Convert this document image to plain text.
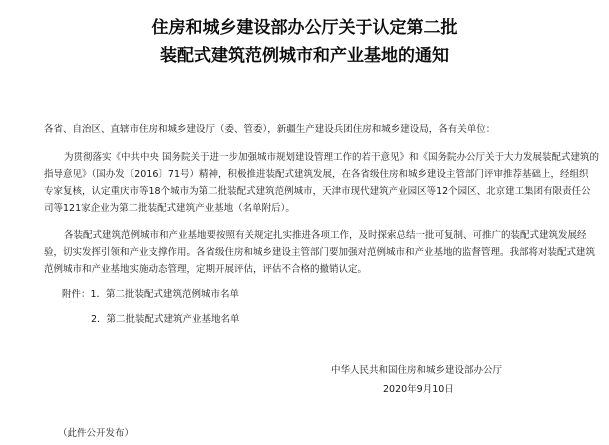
住房和城乡建设部办公厅关于认定第二批
装配式建筑范例城市和产业基地的通知
各省、自治区、直辖市住房和城乡建设厅（委、管委），新疆生产建设兵团住房和城乡建设局，各有关单位：
为贯彻落实《中共中央 国务院关于进一步加强城市规划建设管理工作的若干意见》和《国务院办公厅关于大力发展装配式建筑的
指导意见》（国办发〔2016〕71号）精神，积极推进装配式建筑发展，在各省级住房和城乡建设主管部门评审推荐基础上，经组织
专家复核，认定重庆市等18个城市为第二批装配式建筑范例城市，天津市现代建筑产业园区等12个园区、北京建工集团有限责任公
司等121家企业为第二批装配式建筑产业基地（名单附后）。
各装配式建筑范例城市和产业基地要按照有关规定扎实推进各项工作，及时探索总结一批可复制、可推广的装配式建筑发展经
验，切实发挥引领和产业支撑作用。各省级住房和城乡建设主管部门要加强对范例城市和产业基地的监督管理。我部将对装配式建筑
范例城市和产业基地实施动态管理，定期开展评估，评估不合格的撤销认定。
附件：1．第二批装配式建筑范例城市名单
2．第二批装配式建筑产业基地名单
中华人民共和国住房和城乡建设部办公厅
2020年9月10日
（此件公开发布）
